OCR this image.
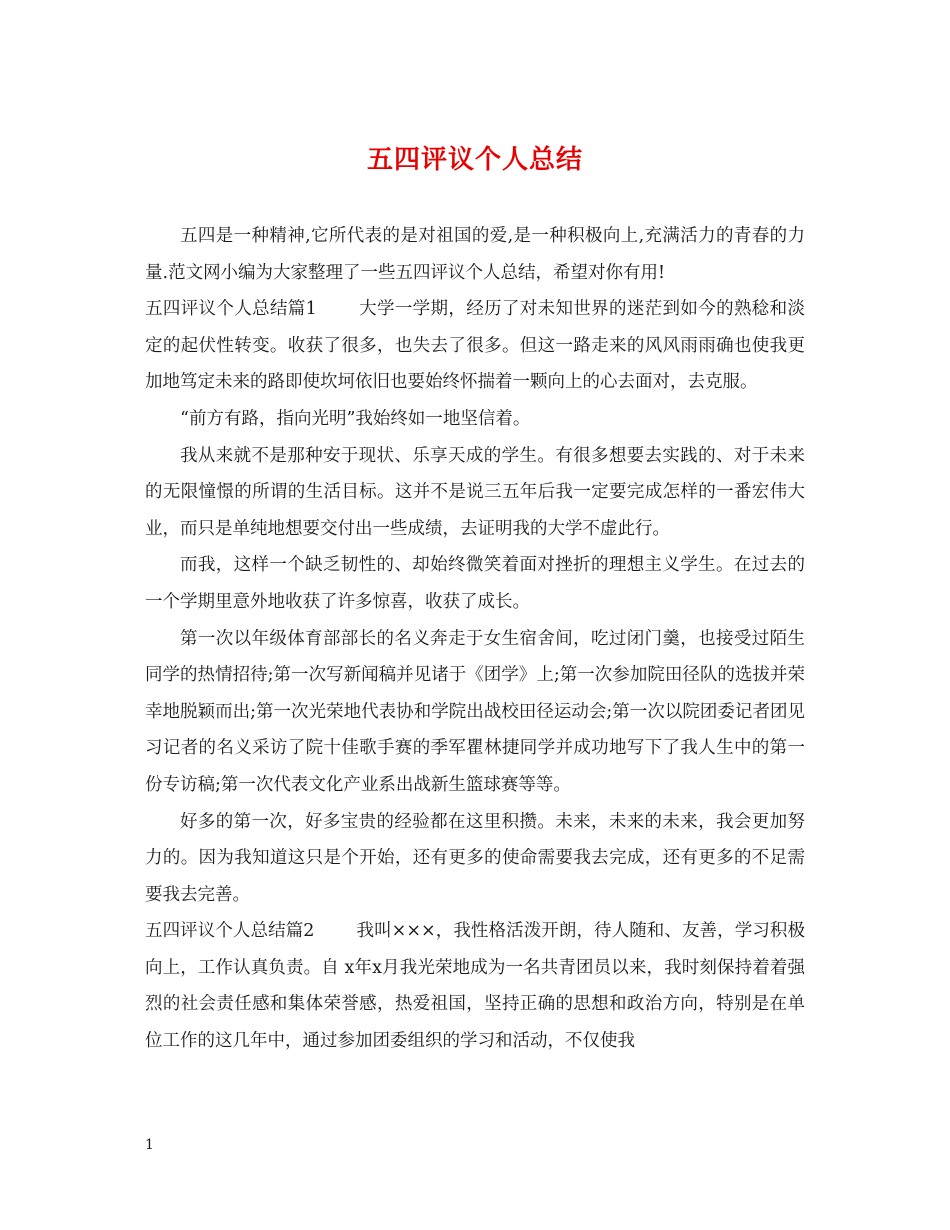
五四评议个人总结

五四是一种精神,它所代表的是对祖国的爱,是一种积极向上,充满活力的青春的力量.范文网小编为大家整理了一些五四评议个人总结，希望对你有用!

五四评议个人总结篇1 大学一学期，经历了对未知世界的迷茫到如今的熟稔和淡定的起伏性转变。收获了很多，也失去了很多。但这一路走来的风风雨雨确也使我更加地笃定未来的路即使坎坷依旧也要始终怀揣着一颗向上的心去面对，去克服。

“前方有路，指向光明”我始终如一地坚信着。

我从来就不是那种安于现状、乐享天成的学生。有很多想要去实践的、对于未来的无限憧憬的所谓的生活目标。这并不是说三五年后我一定要完成怎样的一番宏伟大业，而只是单纯地想要交付出一些成绩，去证明我的大学不虚此行。

而我，这样一个缺乏韧性的、却始终微笑着面对挫折的理想主义学生。在过去的一个学期里意外地收获了许多惊喜，收获了成长。

第一次以年级体育部部长的名义奔走于女生宿舍间，吃过闭门羹，也接受过陌生同学的热情招待;第一次写新闻稿并见诸于《团学》上;第一次参加院田径队的选拔并荣幸地脱颖而出;第一次光荣地代表协和学院出战校田径运动会;第一次以院团委记者团见习记者的名义采访了院十佳歌手赛的季军瞿林捷同学并成功地写下了我人生中的第一份专访稿;第一次代表文化产业系出战新生篮球赛等等。

好多的第一次，好多宝贵的经验都在这里积攒。未来，未来的未来，我会更加努力的。因为我知道这只是个开始，还有更多的使命需要我去完成，还有更多的不足需要我去完善。

五四评议个人总结篇2 我叫×××，我性格活泼开朗，待人随和、友善，学习积极向上，工作认真负责。自 x年x月我光荣地成为一名共青团员以来，我时刻保持着着强烈的社会责任感和集体荣誉感，热爱祖国，坚持正确的思想和政治方向，特别是在单位工作的这几年中，通过参加团委组织的学习和活动，不仅使我

1
